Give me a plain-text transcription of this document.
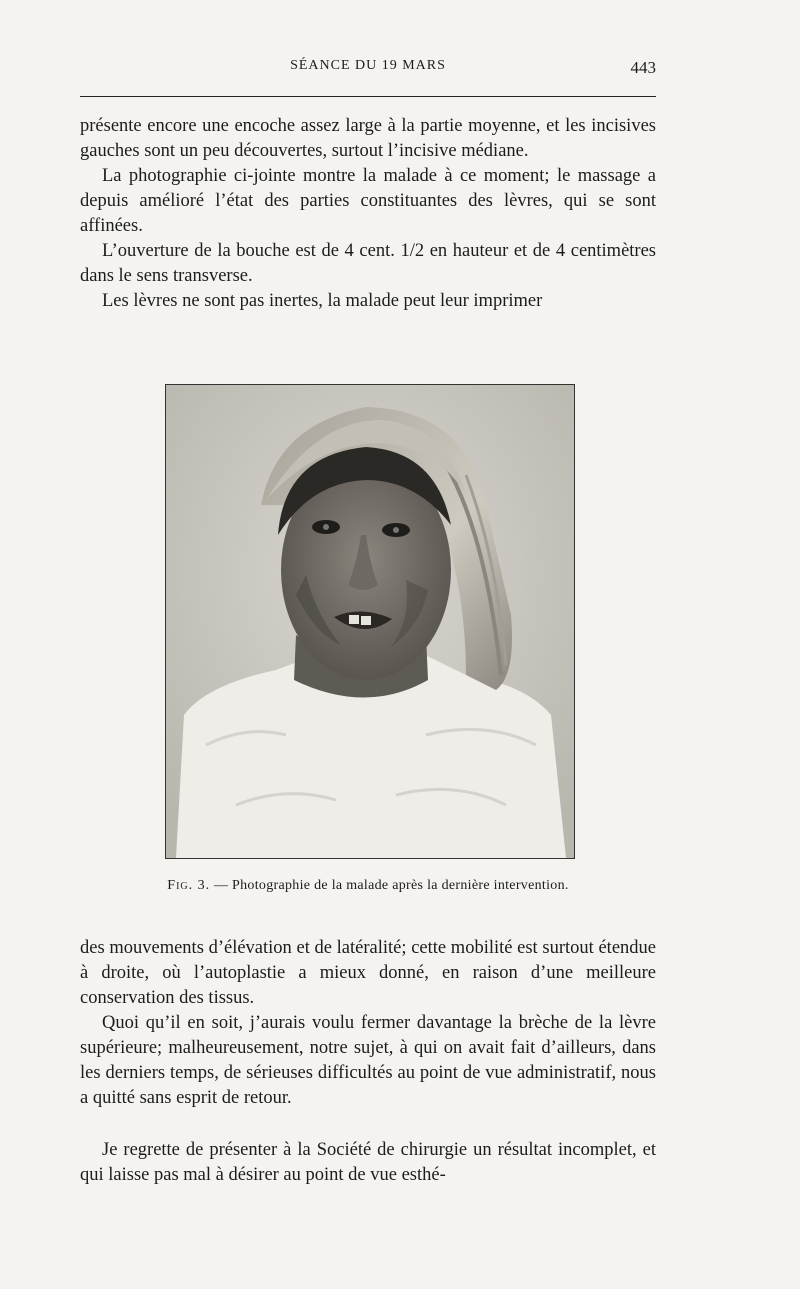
SÉANCE DU 19 MARS	443

présente encore une encoche assez large à la partie moyenne, et les incisives gauches sont un peu découvertes, surtout l’incisive médiane.

La photographie ci-jointe montre la malade à ce moment; le massage a depuis amélioré l’état des parties constituantes des lèvres, qui se sont affinées.

L’ouverture de la bouche est de 4 cent. 1/2 en hauteur et de 4 centimètres dans le sens transverse.

Les lèvres ne sont pas inertes, la malade peut leur imprimer

Fig. 3. — Photographie de la malade après la dernière intervention.

des mouvements d’élévation et de latéralité; cette mobilité est surtout étendue à droite, où l’autoplastie a mieux donné, en raison d’une meilleure conservation des tissus.

Quoi qu’il en soit, j’aurais voulu fermer davantage la brèche de la lèvre supérieure; malheureusement, notre sujet, à qui on avait fait d’ailleurs, dans les derniers temps, de sérieuses difficultés au point de vue administratif, nous a quitté sans esprit de retour.

Je regrette de présenter à la Société de chirurgie un résultat incomplet, et qui laisse pas mal à désirer au point de vue esthé-
